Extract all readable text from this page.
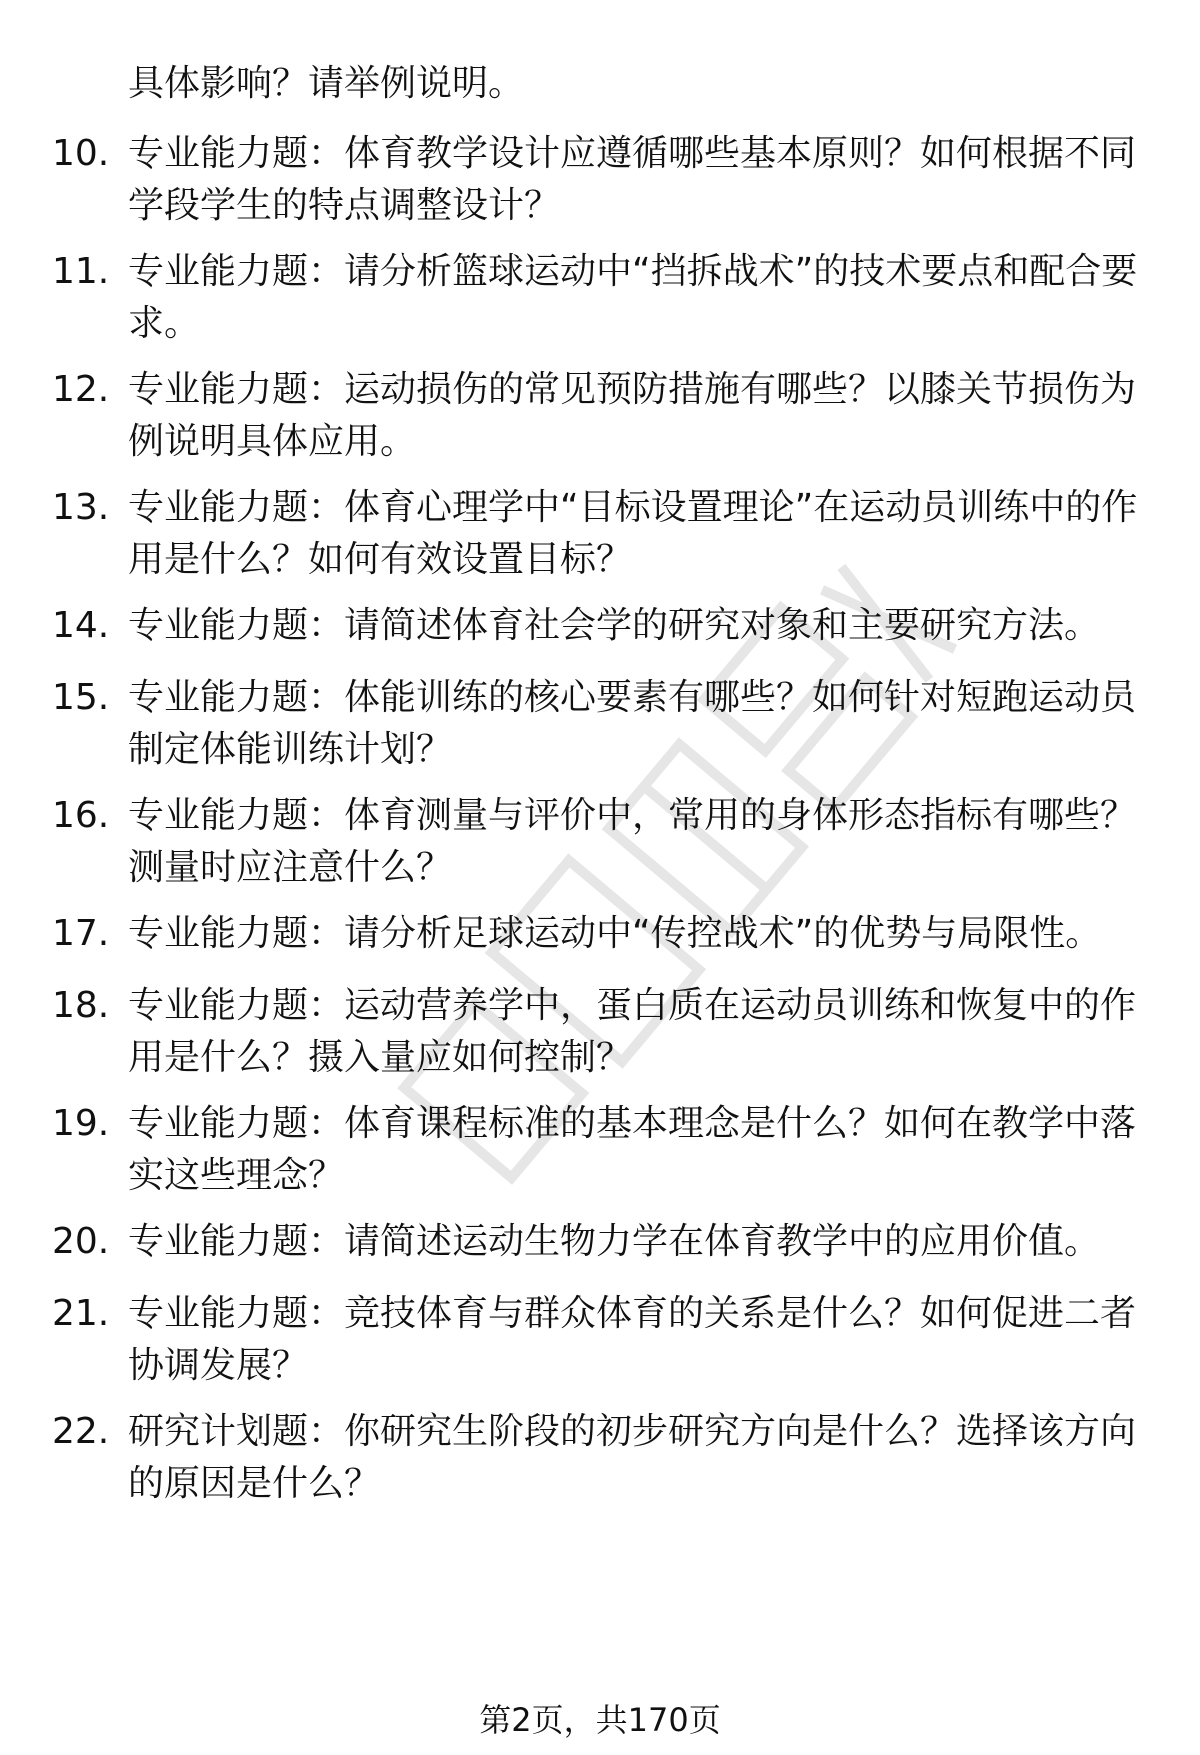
具体影响？请举例说明。

10. 专业能力题：体育教学设计应遵循哪些基本原则？如何根据不同学段学生的特点调整设计？
11. 专业能力题：请分析篮球运动中“挡拆战术”的技术要点和配合要求。
12. 专业能力题：运动损伤的常见预防措施有哪些？以膝关节损伤为例说明具体应用。
13. 专业能力题：体育心理学中“目标设置理论”在运动员训练中的作用是什么？如何有效设置目标？
14. 专业能力题：请简述体育社会学的研究对象和主要研究方法。
15. 专业能力题：体能训练的核心要素有哪些？如何针对短跑运动员制定体能训练计划？
16. 专业能力题：体育测量与评价中，常用的身体形态指标有哪些？测量时应注意什么？
17. 专业能力题：请分析足球运动中“传控战术”的优势与局限性。
18. 专业能力题：运动营养学中，蛋白质在运动员训练和恢复中的作用是什么？摄入量应如何控制？
19. 专业能力题：体育课程标准的基本理念是什么？如何在教学中落实这些理念？
20. 专业能力题：请简述运动生物力学在体育教学中的应用价值。
21. 专业能力题：竞技体育与群众体育的关系是什么？如何促进二者协调发展？
22. 研究计划题：你研究生阶段的初步研究方向是什么？选择该方向的原因是什么？
第2页，共170页
